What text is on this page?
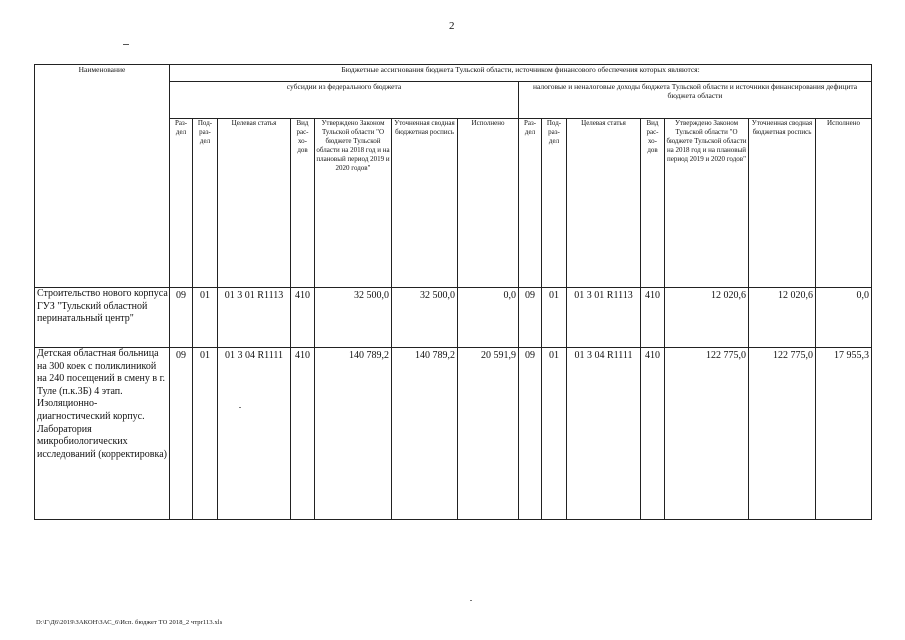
2
Наименование	Бюджетные ассигнования бюджета Тульской области, источником финансового обеспечения которых являются:													
	субсидии из федерального бюджета							налоговые и неналоговые доходы бюджета Тульской области и источники финансирования дефицита бюджета области						
	Раз- дел	Под- раз- дел	Целевая статья	Вид рас- хо- дов	Утверждено Законом Тульской области "О бюджете Тульской области на 2018 год и на плановый период 2019 и 2020 годов"	Уточненная сводная бюджетная роспись	Исполнено	Раз- дел	Под- раз- дел	Целевая статья	Вид рас- хо- дов	Утверждено Законом Тульской области "О бюджете Тульской области на 2018 год и на плановый период 2019 и 2020 годов"	Уточненная сводная бюджетная роспись	Исполнено
Строительство нового корпуса ГУЗ "Тульский областной перинатальный центр"	09	01	01 3 01 R1113	410	32 500,0	32 500,0	0,0	09	01	01 3 01 R1113	410	12 020,6	12 020,6	0,0
Детская областная больница на 300 коек с поликлиникой на 240 посещений в смену в г. Туле (п.к.3Б) 4 этап. Изоляционно-диагностический корпус. Лаборатория микробиологических исследований (корректировка)	09	01	01 3 04 R1111	410	140 789,2	140 789,2	20 591,9	09	01	01 3 04 R1111	410	122 775,0	122 775,0	17 955,3
D:\Г\Д6\2019\ЗАКОН\ЗАС_6\Исп. бюджет ТО 2018_2 чтpr113.xls
